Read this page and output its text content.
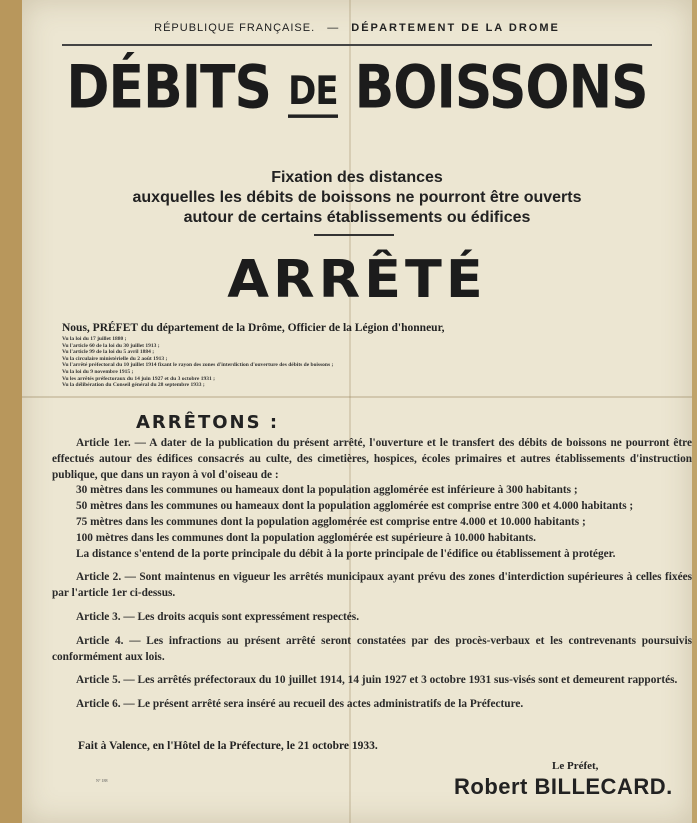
RÉPUBLIQUE FRANÇAISE. — DÉPARTEMENT DE LA DROME
DÉBITS DE BOISSONS
Fixation des distances
auxquelles les débits de boissons ne pourront être ouverts
autour de certains établissements ou édifices
ARRÊTÉ
Nous, PRÉFET du département de la Drôme, Officier de la Légion d'honneur,
Vu la loi du 17 juillet 1880 ;
Vu l'article 60 de la loi du 30 juillet 1913 ;
Vu l'article 99 de la loi du 5 avril 1884 ;
Vu la circulaire ministérielle du 2 août 1913 ;
Vu l'arrêté préfectoral du 10 juillet 1914 fixant le rayon des zones d'interdiction d'ouverture des débits de boissons ;
Vu la loi du 9 novembre 1915 ;
Vu les arrêtés préfectoraux du 14 juin 1927 et du 3 octobre 1931 ;
Vu la délibération du Conseil général du 28 septembre 1933 ;
ARRÊTONS :

Article 1er. — A dater de la publication du présent arrêté, l'ouverture et le transfert des débits de boissons ne pourront être effectués autour des édifices consacrés au culte, des cimetières, hospices, écoles primaires et autres établissements d'instruction publique, que dans un rayon à vol d'oiseau de :

30 mètres dans les communes ou hameaux dont la population agglomérée est inférieure à 300 habitants ;

50 mètres dans les communes ou hameaux dont la population agglomérée est comprise entre 300 et 4.000 habitants ;

75 mètres dans les communes dont la population agglomérée est comprise entre 4.000 et 10.000 habitants ;

100 mètres dans les communes dont la population agglomérée est supérieure à 10.000 habitants.

La distance s'entend de la porte principale du débit à la porte principale de l'édifice ou établissement à protéger.

Article 2. — Sont maintenus en vigueur les arrêtés municipaux ayant prévu des zones d'interdiction supérieures à celles fixées par l'article 1er ci-dessus.

Article 3. — Les droits acquis sont expressément respectés.

Article 4. — Les infractions au présent arrêté seront constatées par des procès-verbaux et les contrevenants poursuivis conformément aux lois.

Article 5. — Les arrêtés préfectoraux du 10 juillet 1914, 14 juin 1927 et 3 octobre 1931 sus-visés sont et demeurent rapportés.

Article 6. — Le présent arrêté sera inséré au recueil des actes administratifs de la Préfecture.

Fait à Valence, en l'Hôtel de la Préfecture, le 21 octobre 1933.
N° 188
Le Préfet,
Robert BILLECARD.
